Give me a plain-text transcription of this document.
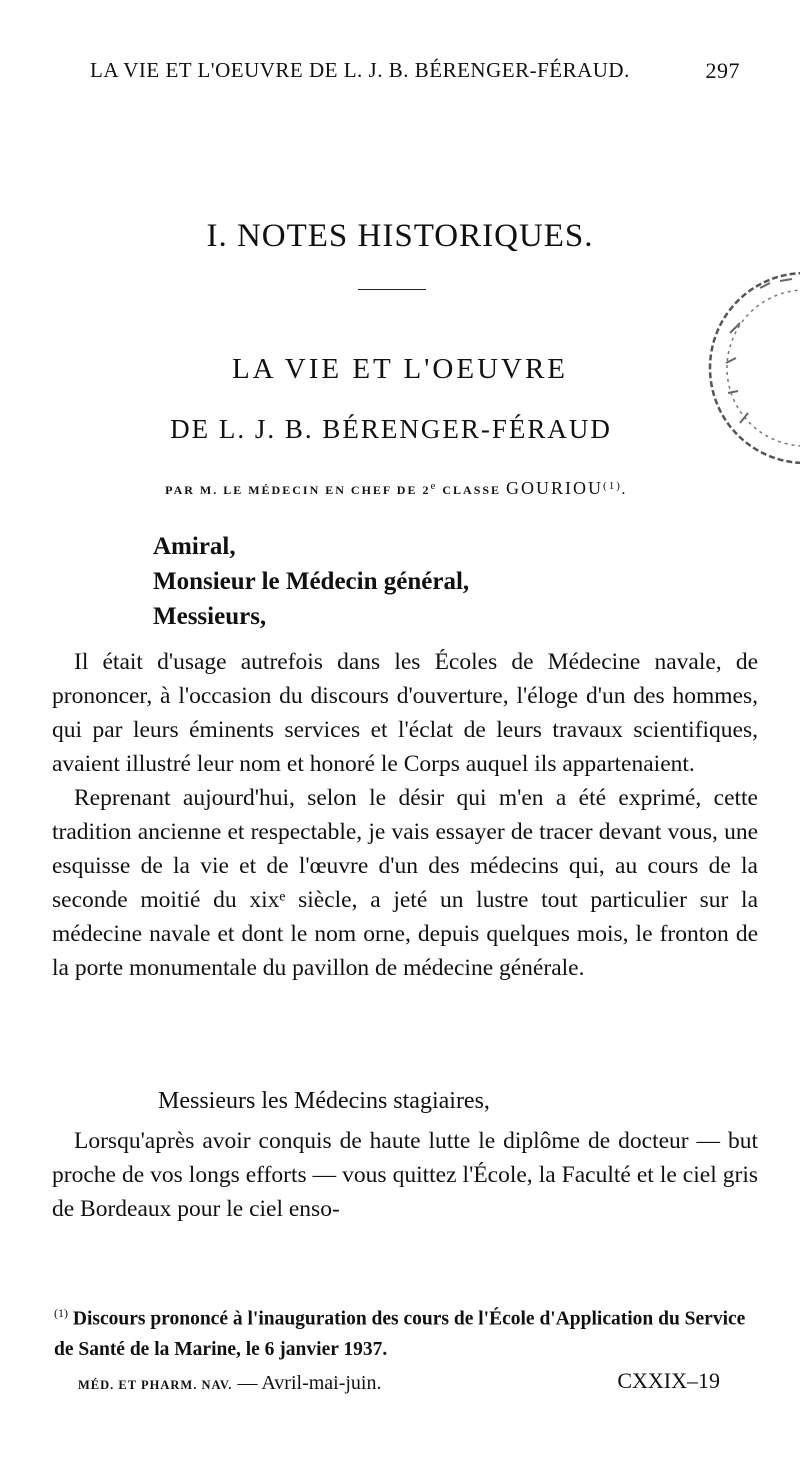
LA VIE ET L'OEUVRE DE L. J. B. BÉRENGER-FÉRAUD.	297
I. NOTES HISTORIQUES.
LA VIE ET L'OEUVRE
DE L. J. B. BÉRENGER-FÉRAUD
PAR M. LE MÉDECIN EN CHEF DE 2e CLASSE GOURIOU$^{(1)}$.
Amiral,
Monsieur le Médecin général,
Messieurs,

Il était d'usage autrefois dans les Écoles de Médecine navale, de prononcer, à l'occasion du discours d'ouverture, l'éloge d'un des hommes, qui par leurs éminents services et l'éclat de leurs travaux scientifiques, avaient illustré leur nom et honoré le Corps auquel ils appartenaient.

Reprenant aujourd'hui, selon le désir qui m'en a été exprimé, cette tradition ancienne et respectable, je vais essayer de tracer devant vous, une esquisse de la vie et de l'œuvre d'un des médecins qui, au cours de la seconde moitié du xixᵉ siècle, a jeté un lustre tout particulier sur la médecine navale et dont le nom orne, depuis quelques mois, le fronton de la porte monumentale du pavillon de médecine générale.

Messieurs les Médecins stagiaires,

Lorsqu'après avoir conquis de haute lutte le diplôme de docteur — but proche de vos longs efforts — vous quittez l'École, la Faculté et le ciel gris de Bordeaux pour le ciel enso-

$^{(1)}$ Discours prononcé à l'inauguration des cours de l'École d'Application du Service de Santé de la Marine, le 6 janvier 1937.
MÉD. ET PHARM. NAV. — Avril-mai-juin.	CXXIX–19
